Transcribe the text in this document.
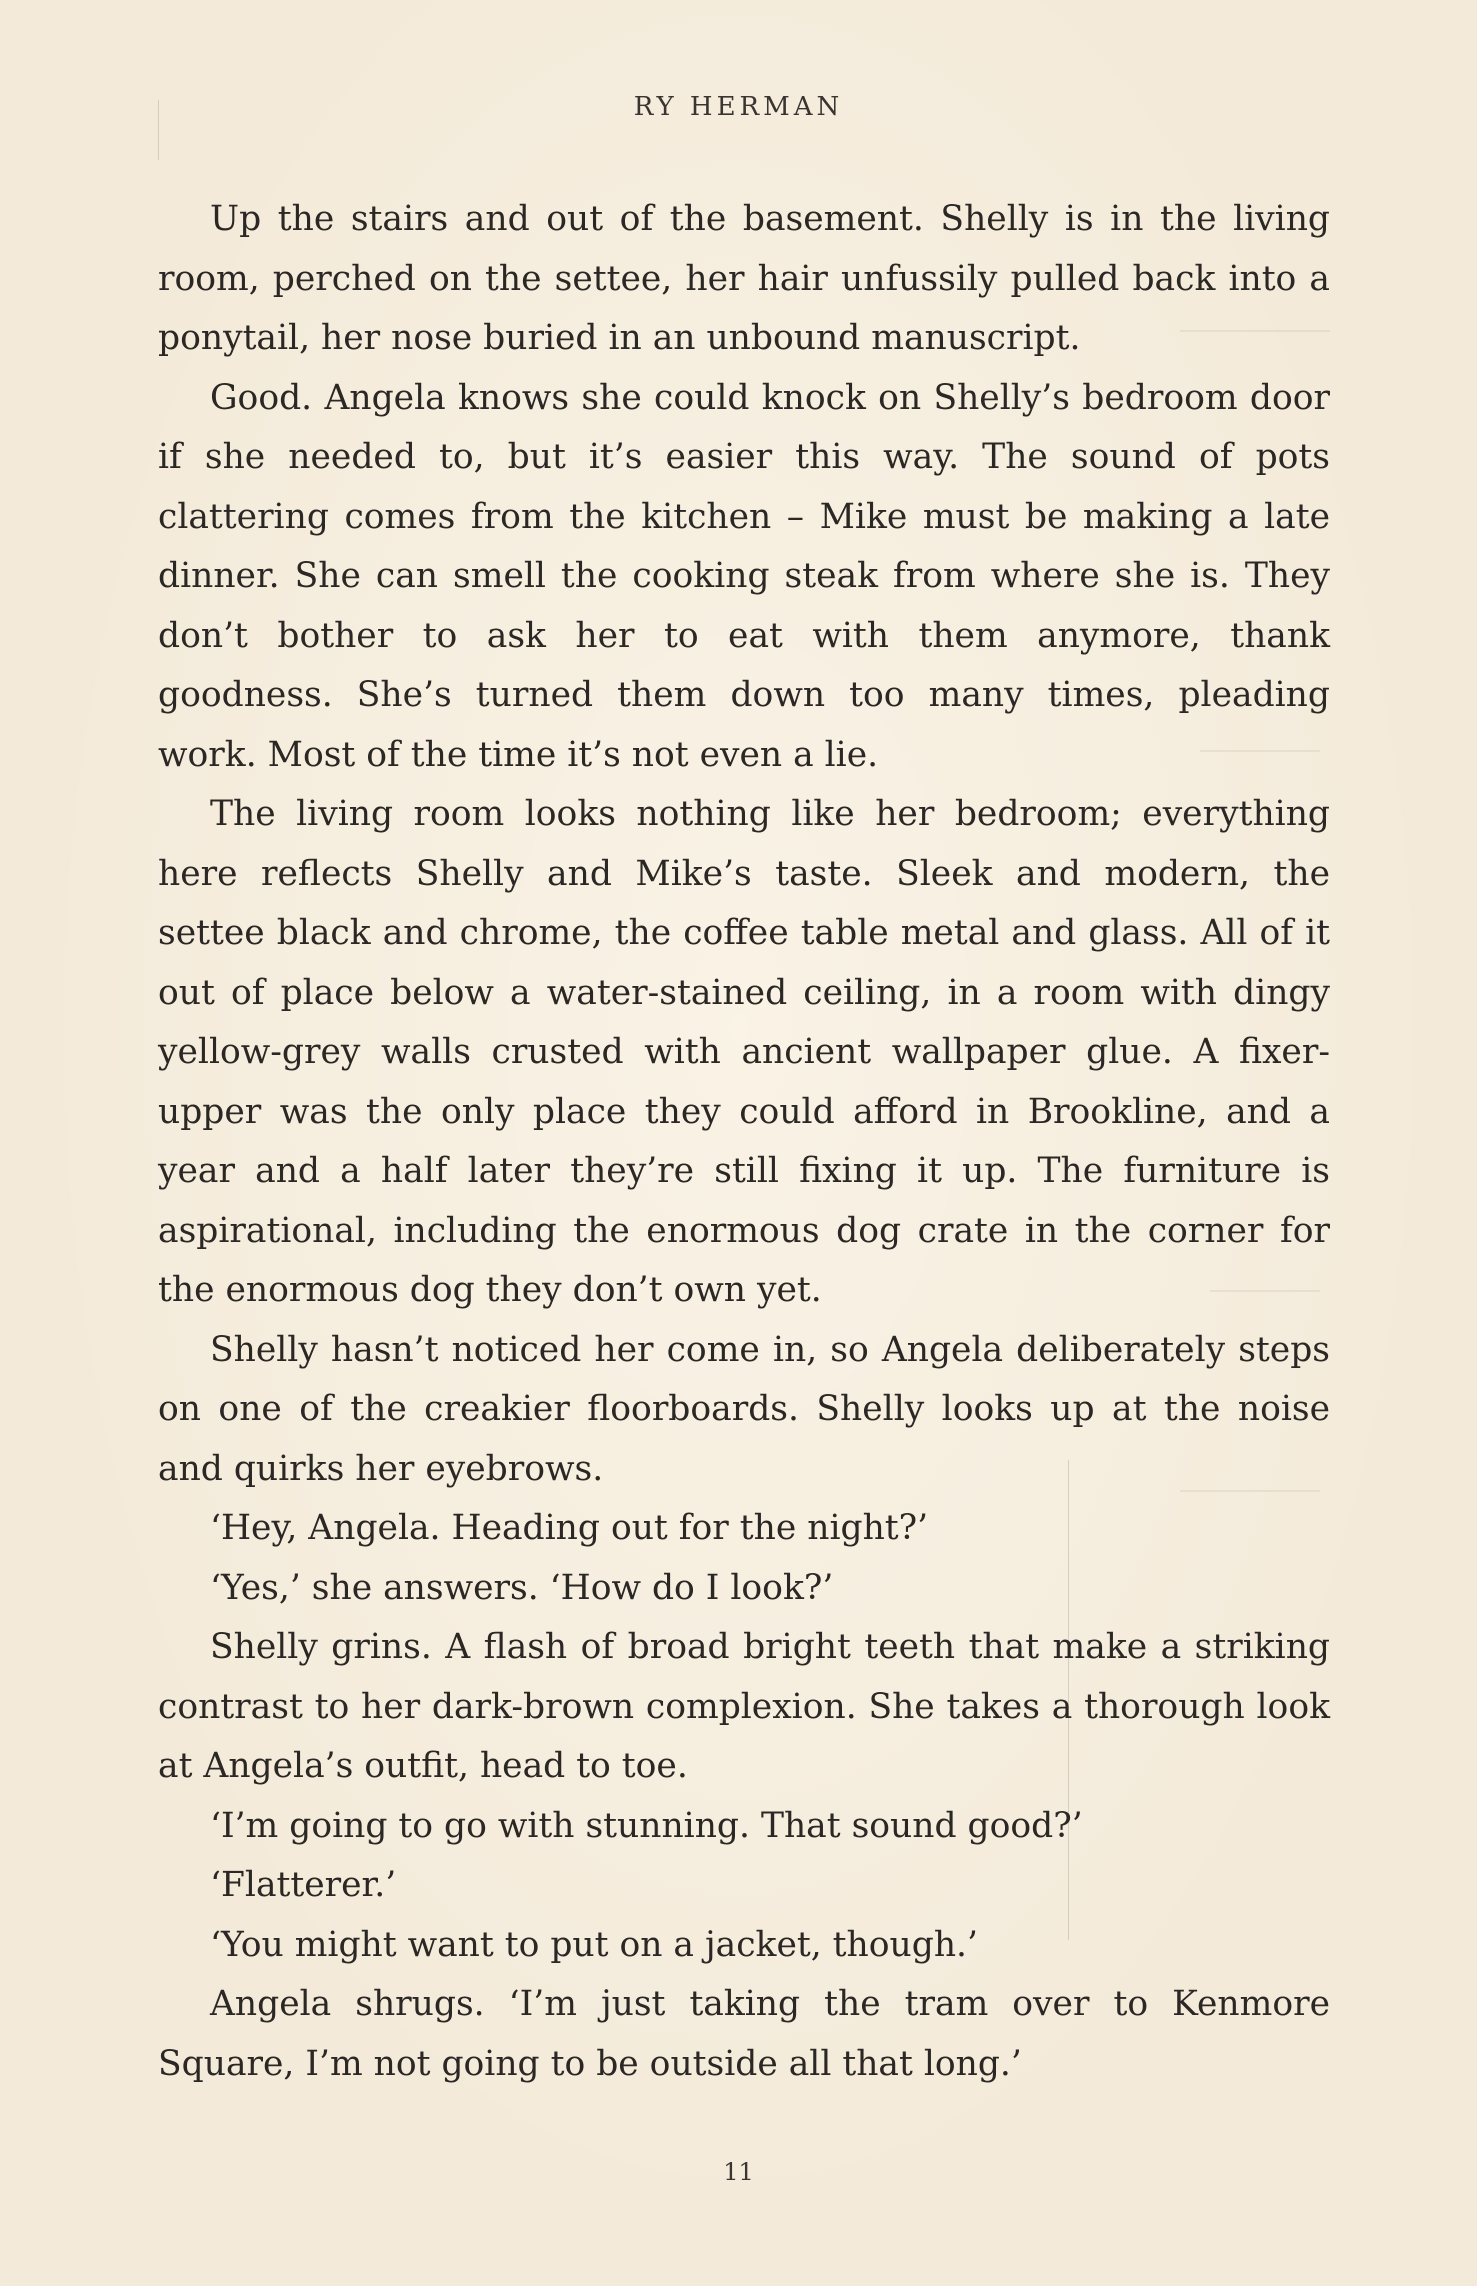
RY HERMAN

Up the stairs and out of the basement. Shelly is in the living room, perched on the settee, her hair unfussily pulled back into a ponytail, her nose buried in an unbound manuscript.

Good. Angela knows she could knock on Shelly’s bedroom door if she needed to, but it’s easier this way. The sound of pots clattering comes from the kitchen – Mike must be making a late dinner. She can smell the cooking steak from where she is. They don’t bother to ask her to eat with them anymore, thank goodness. She’s turned them down too many times, pleading work. Most of the time it’s not even a lie.

The living room looks nothing like her bedroom; everything here reflects Shelly and Mike’s taste. Sleek and modern, the settee black and chrome, the coffee table metal and glass. All of it out of place below a water-stained ceiling, in a room with dingy yellow-grey walls crusted with ancient wallpaper glue. A fixer-upper was the only place they could afford in Brookline, and a year and a half later they’re still fixing it up. The furniture is aspirational, including the enormous dog crate in the corner for the enormous dog they don’t own yet.

Shelly hasn’t noticed her come in, so Angela deliberately steps on one of the creakier floorboards. Shelly looks up at the noise and quirks her eyebrows.

‘Hey, Angela. Heading out for the night?’

‘Yes,’ she answers. ‘How do I look?’

Shelly grins. A flash of broad bright teeth that make a striking contrast to her dark-brown complexion. She takes a thorough look at Angela’s outfit, head to toe.

‘I’m going to go with stunning. That sound good?’

‘Flatterer.’

‘You might want to put on a jacket, though.’

Angela shrugs. ‘I’m just taking the tram over to Kenmore Square, I’m not going to be outside all that long.’

11
